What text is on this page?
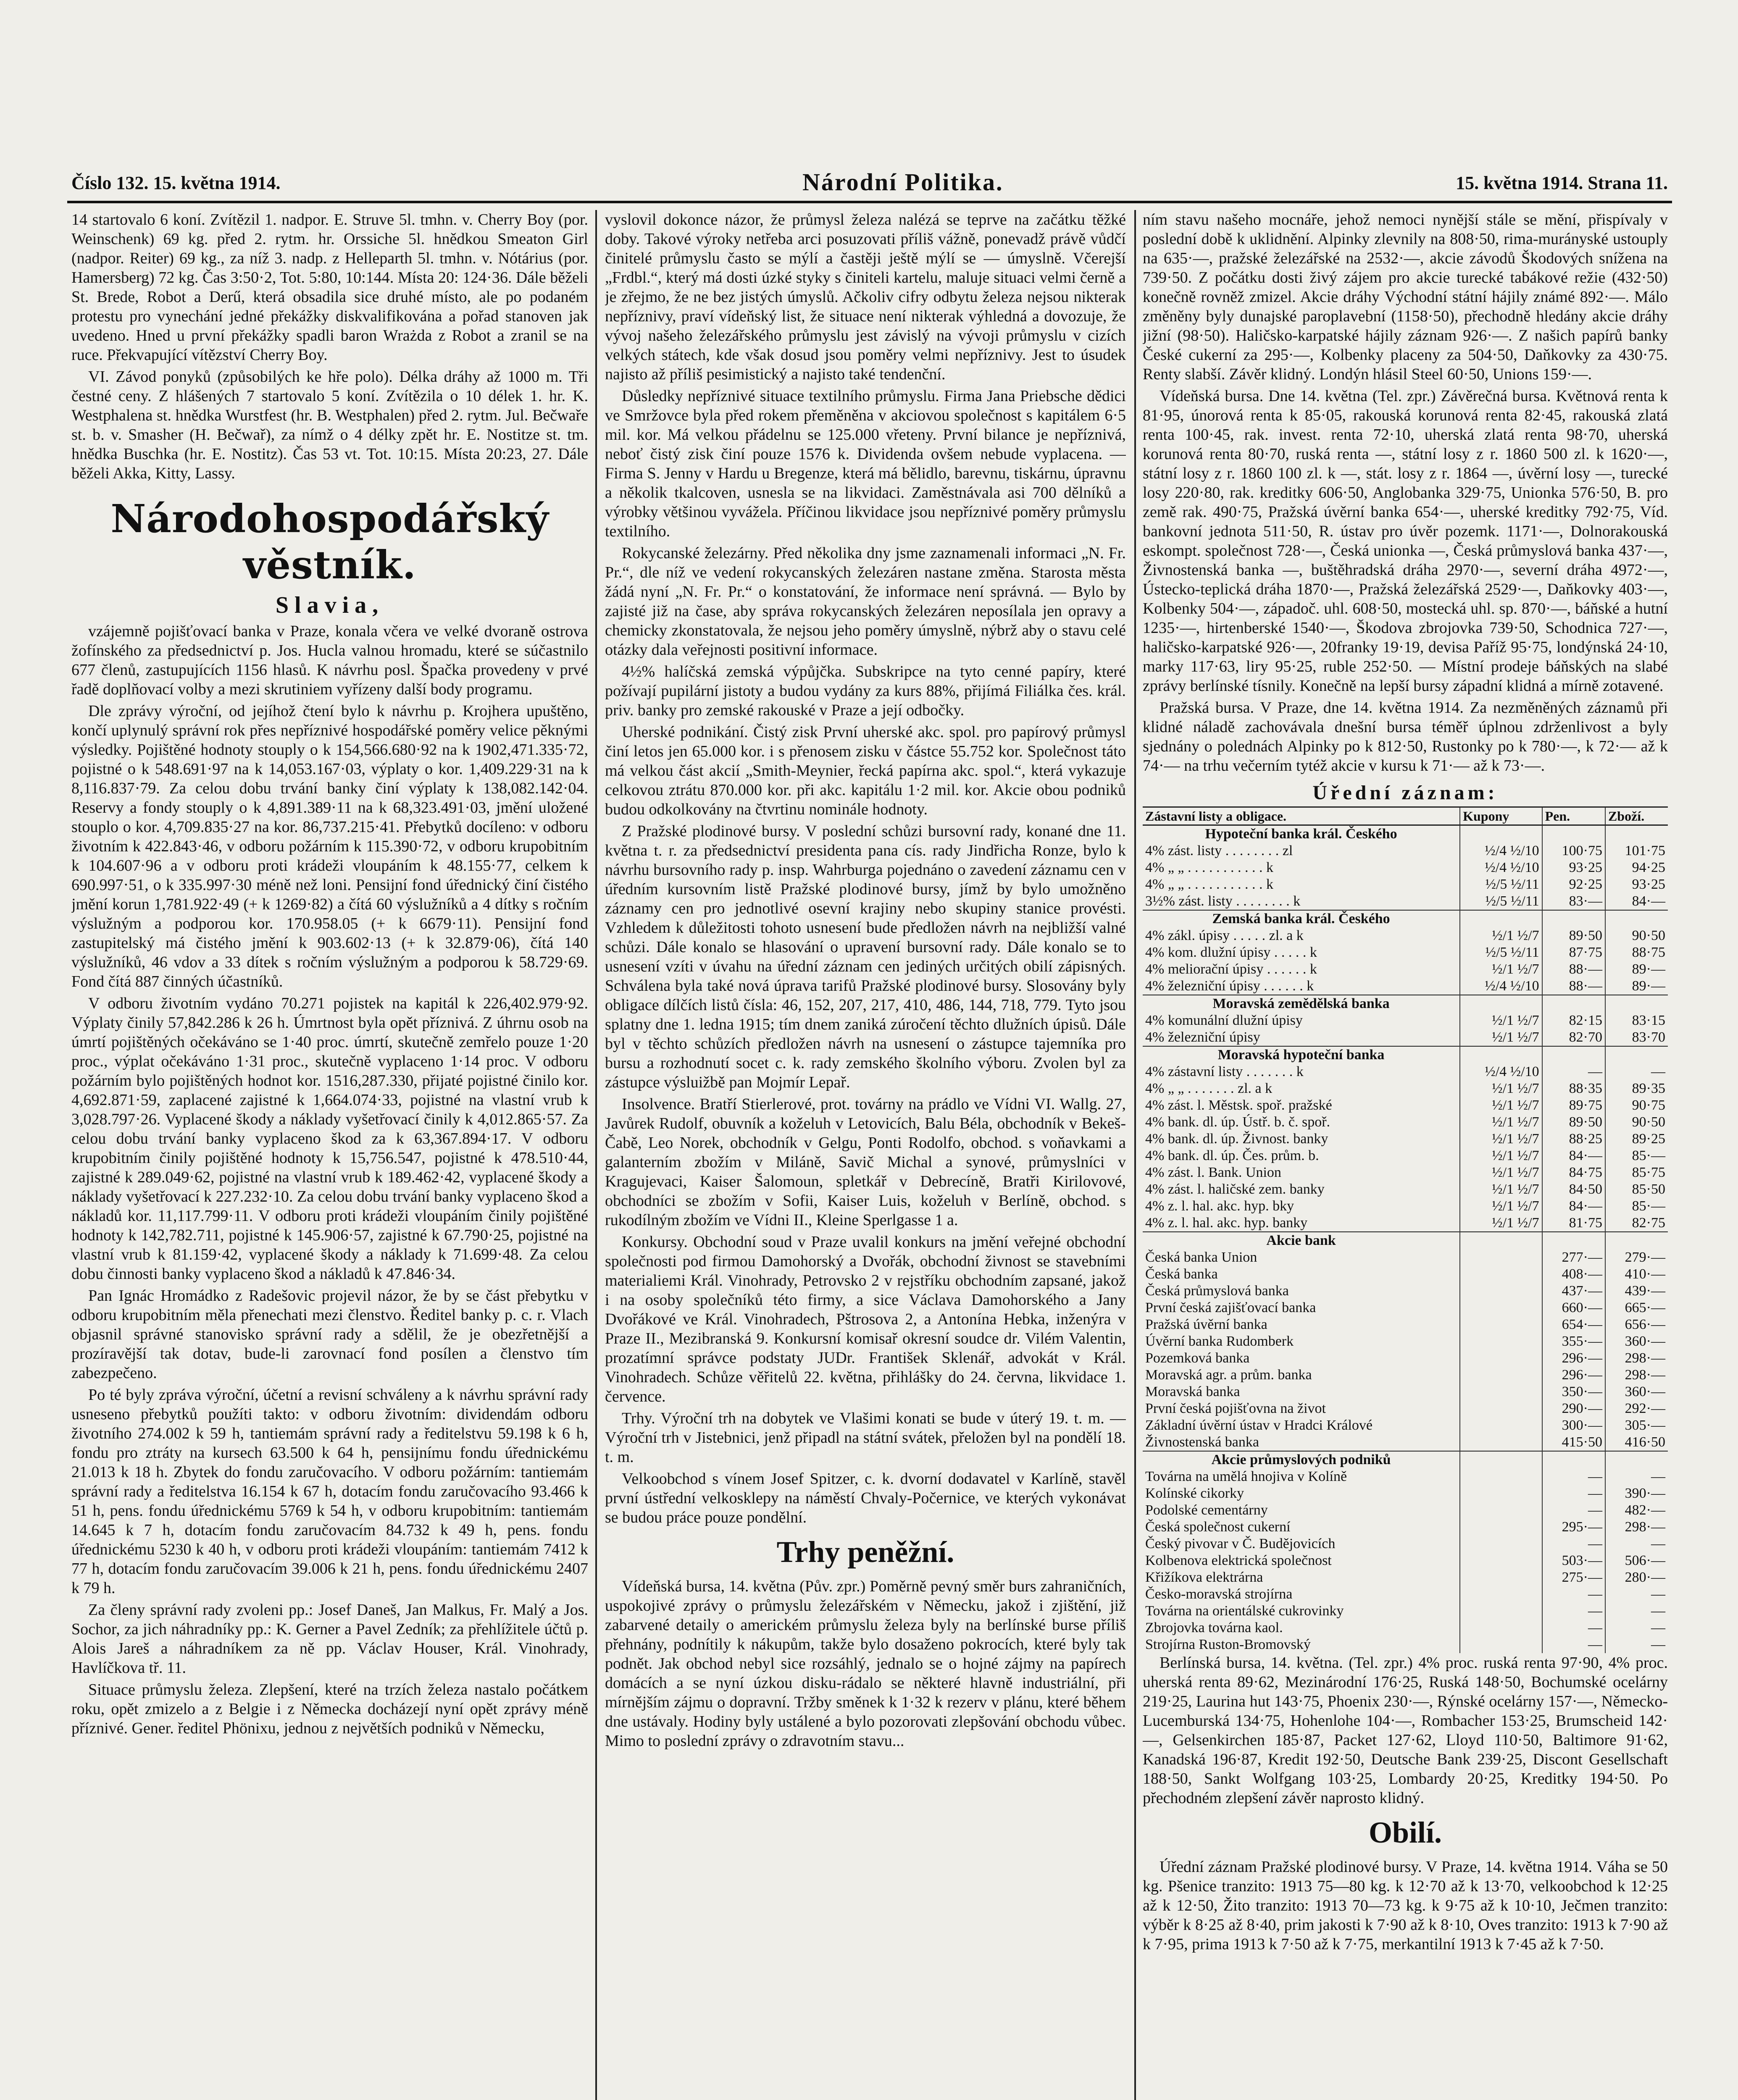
Číslo 132. 15. května 1914.	Národní Politika.	15. května 1914. Strana 11.

14 startovalo 6 koní. Zvítězil 1. nadpor. E. Struve 5l. tmhn. v. Cherry Boy (por. Weinschenk) 69 kg. před 2. rytm. hr. Orssiche 5l. hnědkou Smeaton Girl (nadpor. Reiter) 69 kg., za níž 3. nadp. z Helleparth 5l. tmhn. v. Nótárius (por. Hamersberg) 72 kg. Čas 3:50·2, Tot. 5:80, 10:144. Místa 20: 124·36. Dále běželi St. Brede, Robot a Derű, která obsadila sice druhé místo, ale po podaném protestu pro vynechání jedné překážky diskvalifikována a pořad stanoven jak uvedeno. Hned u první překážky spadli baron Wrażda z Robot a zranil se na ruce. Překvapující vítězství Cherry Boy.

VI. Závod ponyků (způsobilých ke hře polo). Délka dráhy až 1000 m. Tři čestné ceny. Z hlášených 7 startovalo 5 koní. Zvítězila o 10 délek 1. hr. K. Westphalena st. hnědka Wurstfest (hr. B. Westphalen) před 2. rytm. Jul. Bečwaře st. b. v. Smasher (H. Bečwař), za nímž o 4 délky zpět hr. E. Nostitze st. tm. hnědka Buschka (hr. E. Nostitz). Čas 53 vt. Tot. 10:15. Místa 20:23, 27. Dále běželi Akka, Kitty, Lassy.

Národohospodářský věstník.
Slavia,

vzájemně pojišťovací banka v Praze, konala včera ve velké dvoraně ostrova žofínského za předsednictví p. Jos. Hucla valnou hromadu, které se súčastnilo 677 členů, zastupujících 1156 hlasů. K návrhu posl. Špačka provedeny v prvé řadě doplňovací volby a mezi skrutiniem vyřízeny další body programu.

Dle zprávy výroční, od jejíhož čtení bylo k návrhu p. Krojhera upuštěno, končí uplynulý správní rok přes nepříznivé hospodářské poměry velice pěknými výsledky. Pojištěné hodnoty stouply o k 154,566.680·92 na k 1902,471.335·72, pojistné o k 548.691·97 na k 14,053.167·03, výplaty o kor. 1,409.229·31 na k 8,116.837·79. Za celou dobu trvání banky činí výplaty k 138,082.142·04. Reservy a fondy stouply o k 4,891.389·11 na k 68,323.491·03, jmění uložené stouplo o kor. 4,709.835·27 na kor. 86,737.215·41. Přebytků docíleno: v odboru životním k 422.843·46, v odboru požárním k 115.390·72, v odboru krupobitním k 104.607·96 a v odboru proti krádeži vloupáním k 48.155·77, celkem k 690.997·51, o k 335.997·30 méně než loni. Pensijní fond úřednický činí čistého jmění korun 1,781.922·49 (+ k 1269·82) a čítá 60 výslužníků a 4 dítky s ročním výslužným a podporou kor. 170.958.05 (+ k 6679·11). Pensijní fond zastupitelský má čistého jmění k 903.602·13 (+ k 32.879·06), čítá 140 výslužníků, 46 vdov a 33 dítek s ročním výslužným a podporou k 58.729·69. Fond čítá 887 činných účastníků.

V odboru životním vydáno 70.271 pojistek na kapitál k 226,402.979·92. Výplaty činily 57,842.286 k 26 h. Úmrtnost byla opět příznivá. Z úhrnu osob na úmrtí pojištěných očekáváno se 1·40 proc. úmrtí, skutečně zemřelo pouze 1·20 proc., výplat očekáváno 1·31 proc., skutečně vyplaceno 1·14 proc. V odboru požárním bylo pojištěných hodnot kor. 1516,287.330, přijaté pojistné činilo kor. 4,692.871·59, zaplacené zajistné k 1,664.074·33, pojistné na vlastní vrub k 3,028.797·26. Vyplacené škody a náklady vyšetřovací činily k 4,012.865·57. Za celou dobu trvání banky vyplaceno škod za k 63,367.894·17. V odboru krupobitním činily pojištěné hodnoty k 15,756.547, pojistné k 478.510·44, zajistné k 289.049·62, pojistné na vlastní vrub k 189.462·42, vyplacené škody a náklady vyšetřovací k 227.232·10. Za celou dobu trvání banky vyplaceno škod a nákladů kor. 11,117.799·11. V odboru proti krádeži vloupáním činily pojištěné hodnoty k 142,782.711, pojistné k 145.906·57, zajistné k 67.790·25, pojistné na vlastní vrub k 81.159·42, vyplacené škody a náklady k 71.699·48. Za celou dobu činnosti banky vyplaceno škod a nákladů k 47.846·34.

Pan Ignác Hromádko z Radešovic projevil názor, že by se část přebytku v odboru krupobitním měla přenechati mezi členstvo. Ředitel banky p. c. r. Vlach objasnil správné stanovisko správní rady a sdělil, že je obezřetnější a prozíravější tak dotav, bude-li zarovnací fond posílen a členstvo tím zabezpečeno.

Po té byly zpráva výroční, účetní a revisní schváleny a k návrhu správní rady usneseno přebytků použíti takto: v odboru životním: dividendám odboru životního 274.002 k 59 h, tantiemám správní rady a ředitelstvu 59.198 k 6 h, fondu pro ztráty na kursech 63.500 k 64 h, pensijnímu fondu úřednickému 21.013 k 18 h. Zbytek do fondu zaručovacího. V odboru požárním: tantiemám správní rady a ředitelstva 16.154 k 67 h, dotacím fondu zaručovacího 93.466 k 51 h, pens. fondu úřednickému 5769 k 54 h, v odboru krupobitním: tantiemám 14.645 k 7 h, dotacím fondu zaručovacím 84.732 k 49 h, pens. fondu úřednickému 5230 k 40 h, v odboru proti krádeži vloupáním: tantiemám 7412 k 77 h, dotacím fondu zaručovacím 39.006 k 21 h, pens. fondu úřednickému 2407 k 79 h.

Za členy správní rady zvoleni pp.: Josef Daneš, Jan Malkus, Fr. Malý a Jos. Sochor, za jich náhradníky pp.: K. Gerner a Pavel Zedník; za přehlížitele účtů p. Alois Jareš a náhradníkem za ně pp. Václav Houser, Král. Vinohrady, Havlíčkova tř. 11.

Situace průmyslu železa. Zlepšení, které na trzích železa nastalo počátkem roku, opět zmizelo a z Belgie i z Německa docházejí nyní opět zprávy méně příznivé. Gener. ředitel Phönixu, jednou z největších podniků v Německu,

vyslovil dokonce názor, že průmysl železa nalézá se teprve na začátku těžké doby. Takové výroky netřeba arci posuzovati příliš vážně, ponevadž právě vůdčí činitelé průmyslu často se mýlí a častěji ještě mýlí se — úmyslně. Včerejší „Frdbl.“, který má dosti úzké styky s činiteli kartelu, maluje situaci velmi černě a je zřejmo, že ne bez jistých úmyslů. Ačkoliv cifry odbytu železa nejsou nikterak nepříznivy, praví vídeňský list, že situace není nikterak výhledná a dovozuje, že vývoj našeho železářského průmyslu jest závislý na vývoji průmyslu v cizích velkých státech, kde však dosud jsou poměry velmi nepříznivy. Jest to úsudek najisto až příliš pesimistický a najisto také tendenční.

Důsledky nepříznivé situace textilního průmyslu. Firma Jana Priebsche dědici ve Smržovce byla před rokem přeměněna v akciovou společnost s kapitálem 6·5 mil. kor. Má velkou přádelnu se 125.000 vřeteny. První bilance je nepříznivá, neboť čistý zisk činí pouze 1576 k. Dividenda ovšem nebude vyplacena. — Firma S. Jenny v Hardu u Bregenze, která má bělidlo, barevnu, tiskárnu, úpravnu a několik tkalcoven, usnesla se na likvidaci. Zaměstnávala asi 700 dělníků a výrobky většinou vyvážela. Příčinou likvidace jsou nepříznivé poměry průmyslu textilního.

Rokycanské železárny. Před několika dny jsme zaznamenali informaci „N. Fr. Pr.“, dle níž ve vedení rokycanských železáren nastane změna. Starosta města žádá nyní „N. Fr. Pr.“ o konstatování, že informace není správná. — Bylo by zajisté již na čase, aby správa rokycanských železáren neposílala jen opravy a chemicky zkonstatovala, že nejsou jeho poměry úmyslně, nýbrž aby o stavu celé otázky dala veřejnosti positivní informace.

4½% halíčská zemská výpůjčka. Subskripce na tyto cenné papíry, které požívají pupilární jistoty a budou vydány za kurs 88%, přijímá Filiálka čes. král. priv. banky pro zemské rakouské v Praze a její odbočky.

Uherské podnikání. Čistý zisk První uherské akc. spol. pro papírový průmysl činí letos jen 65.000 kor. i s přenosem zisku v částce 55.752 kor. Společnost táto má velkou část akcií „Smith-Meynier, řecká papírna akc. spol.“, která vykazuje celkovou ztrátu 870.000 kor. při akc. kapitálu 1·2 mil. kor. Akcie obou podniků budou odkolkovány na čtvrtinu nominále hodnoty.

Z Pražské plodinové bursy. V poslední schůzi bursovní rady, konané dne 11. května t. r. za předsednictví presidenta pana cís. rady Jindřicha Ronze, bylo k návrhu bursovního rady p. insp. Wahrburga pojednáno o zavedení záznamu cen v úředním kursovním listě Pražské plodinové bursy, jímž by bylo umožněno záznamy cen pro jednotlivé osevní krajiny nebo skupiny stanice provésti. Vzhledem k důležitosti tohoto usnesení bude předložen návrh na nejbližší valné schůzi. Dále konalo se hlasování o upravení bursovní rady. Dále konalo se to usnesení vzíti v úvahu na úřední záznam cen jediných určitých obilí zápisných. Schválena byla také nová úprava tarifů Pražské plodinové bursy. Slosovány byly obligace dílčích listů čísla: 46, 152, 207, 217, 410, 486, 144, 718, 779. Tyto jsou splatny dne 1. ledna 1915; tím dnem zaniká zúročení těchto dlužních úpisů. Dále byl v těchto schůzích předložen návrh na usnesení o zástupce tajemníka pro bursu a rozhodnutí socet c. k. rady zemského školního výboru. Zvolen byl za zástupce výsluižbě pan Mojmír Lepař.

Insolvence. Bratří Stierlerové, prot. továrny na prádlo ve Vídni VI. Wallg. 27, Javůrek Rudolf, obuvník a koželuh v Letovicích, Balu Béla, obchodník v Bekeš-Čabě, Leo Norek, obchodník v Gelgu, Ponti Rodolfo, obchod. s voňavkami a galanterním zbožím v Miláně, Savič Michal a synové, průmyslníci v Kragujevaci, Kaiser Šalomoun, spletkář v Debrecíně, Bratři Kirilovové, obchodníci se zbožím v Sofii, Kaiser Luis, koželuh v Berlíně, obchod. s rukodílným zbožím ve Vídni II., Kleine Sperlgasse 1 a.

Konkursy. Obchodní soud v Praze uvalil konkurs na jmění veřejné obchodní společnosti pod firmou Damohorský a Dvořák, obchodní živnost se stavebními materialiemi Král. Vinohrady, Petrovsko 2 v rejstříku obchodním zapsané, jakož i na osoby společníků této firmy, a sice Václava Damohorského a Jany Dvořákové ve Král. Vinohradech, Pštrosova 2, a Antonína Hebka, inženýra v Praze II., Mezibranská 9. Konkursní komisař okresní soudce dr. Vilém Valentin, prozatímní správce podstaty JUDr. František Sklenář, advokát v Král. Vinohradech. Schůze věřitelů 22. května, přihlášky do 24. června, likvidace 1. července.

Trhy. Výroční trh na dobytek ve Vlašimi konati se bude v úterý 19. t. m. — Výroční trh v Jistebnici, jenž připadl na státní svátek, přeložen byl na pondělí 18. t. m.

Velkoobchod s vínem Josef Spitzer, c. k. dvorní dodavatel v Karlíně, stavěl první ústřední velkosklepy na náměstí Chvaly-Počernice, ve kterých vykonávat se budou práce pouze pondělní.

Trhy peněžní.

Vídeňská bursa, 14. května (Pův. zpr.) Poměrně pevný směr burs zahraničních, uspokojivé zprávy o průmyslu železářském v Německu, jakož i zjištění, již zabarvené detaily o americkém průmyslu železa byly na berlínské burse příliš přehnány, podnítily k nákupům, takže bylo dosaženo pokrocích, které byly tak podnět. Jak obchod nebyl sice rozsáhlý, jednalo se o hojné zájmy na papírech domácích a se nyní úzkou disku-rádalo se některé hlavně industriální, při mírnějším zájmu o dopravní. Tržby směnek k 1·32 k rezerv v plánu, které během dne ustávaly. Hodiny byly ustálené a bylo pozorovati zlepšování obchodu vůbec. Mimo to poslední zprávy o zdravotním stavu...

ním stavu našeho mocnáře, jehož nemoci nynější stále se mění, přispívaly v poslední době k uklidnění. Alpinky zlevnily na 808·50, rima-murányské ustouply na 635·—, pražské železářské na 2532·—, akcie závodů Škodových snížena na 739·50. Z počátku dosti živý zájem pro akcie turecké tabákové režie (432·50) konečně rovněž zmizel. Akcie dráhy Východní státní hájily známé 892·—. Málo změněny byly dunajské paroplavební (1158·50), přechodně hledány akcie dráhy jižní (98·50). Haličsko-karpatské hájily záznam 926·—. Z našich papírů banky České cukerní za 295·—, Kolbenky placeny za 504·50, Daňkovky za 430·75. Renty slabší. Závěr klidný. Londýn hlásil Steel 60·50, Unions 159·—.

Vídeňská bursa. Dne 14. května (Tel. zpr.) Závěrečná bursa. Květnová renta k 81·95, únorová renta k 85·05, rakouská korunová renta 82·45, rakouská zlatá renta 100·45, rak. invest. renta 72·10, uherská zlatá renta 98·70, uherská korunová renta 80·70, ruská renta —, státní losy z r. 1860 500 zl. k 1620·—, státní losy z r. 1860 100 zl. k —, stát. losy z r. 1864 —, úvěrní losy —, turecké losy 220·80, rak. kreditky 606·50, Anglobanka 329·75, Unionka 576·50, B. pro země rak. 490·75, Pražská úvěrní banka 654·—, uherské kreditky 792·75, Víd. bankovní jednota 511·50, R. ústav pro úvěr pozemk. 1171·—, Dolnorakouská eskompt. společnost 728·—, Česká unionka —, Česká průmyslová banka 437·—, Živnostenská banka —, buštěhradská dráha 2970·—, severní dráha 4972·—, Ústecko-teplická dráha 1870·—, Pražská železářská 2529·—, Daňkovky 403·—, Kolbenky 504·—, západoč. uhl. 608·50, mostecká uhl. sp. 870·—, báňské a hutní 1235·—, hirtenberské 1540·—, Škodova zbrojovka 739·50, Schodnica 727·—, haličsko-karpatské 926·—, 20franky 19·19, devisa Paříž 95·75, londýnská 24·10, marky 117·63, liry 95·25, ruble 252·50. — Místní prodeje báňských na slabé zprávy berlínské tísnily. Konečně na lepší bursy západní klidná a mírně zotavené.

Pražská bursa. V Praze, dne 14. května 1914. Za nezměněných záznamů při klidné náladě zachovávala dnešní bursa téměř úplnou zdrženlivost a byly sjednány o polednách Alpinky po k 812·50, Rustonky po k 780·—, k 72·— až k 74·— na trhu večerním tytéž akcie v kursu k 71·— až k 73·—.

Úřední záznam:
Zástavní listy a obligace.	Kupony	Pen.	Zboží.
Hypoteční banka král. Českého			
4% zást. listy . . . . . . . . zl	½/4 ½/10	100·75	101·75
4% „ „ . . . . . . . . . . . k	½/4 ½/10	93·25	94·25
4% „ „ . . . . . . . . . . . k	½/5 ½/11	92·25	93·25
3½% zást. listy . . . . . . . . k	½/5 ½/11	83·—	84·—
Zemská banka král. Českého			
4% zákl. úpisy . . . . . zl. a k	½/1 ½/7	89·50	90·50
4% kom. dlužní úpisy . . . . . k	½/5 ½/11	87·75	88·75
4% meliorační úpisy . . . . . . k	½/1 ½/7	88·—	89·—
4% železniční úpisy . . . . . . k	½/4 ½/10	88·—	89·—
Moravská zemědělská banka			
4% komunální dlužní úpisy	½/1 ½/7	82·15	83·15
4% železniční úpisy	½/1 ½/7	82·70	83·70
Moravská hypoteční banka			
4% zástavní listy . . . . . . . k	½/4 ½/10	—	—
4% „ „ . . . . . . . zl. a k	½/1 ½/7	88·35	89·35
4% zást. l. Městsk. spoř. pražské	½/1 ½/7	89·75	90·75
4% bank. dl. úp. Ústř. b. č. spoř.	½/1 ½/7	89·50	90·50
4% bank. dl. úp. Živnost. banky	½/1 ½/7	88·25	89·25
4% bank. dl. úp. Čes. prům. b.	½/1 ½/7	84·—	85·—
4% zást. l. Bank. Union	½/1 ½/7	84·75	85·75
4% zást. l. haličské zem. banky	½/1 ½/7	84·50	85·50
4% z. l. hal. akc. hyp. bky	½/1 ½/7	84·—	85·—
4% z. l. hal. akc. hyp. banky	½/1 ½/7	81·75	82·75
Akcie bank			
Česká banka Union		277·—	279·—
Česká banka		408·—	410·—
Česká průmyslová banka		437·—	439·—
První česká zajišťovací banka		660·—	665·—
Pražská úvěrní banka		654·—	656·—
Úvěrní banka Rudomberk		355·—	360·—
Pozemková banka		296·—	298·—
Moravská agr. a prům. banka		296·—	298·—
Moravská banka		350·—	360·—
První česká pojišťovna na život		290·—	292·—
Základní úvěrní ústav v Hradci Králové		300·—	305·—
Živnostenská banka		415·50	416·50
Akcie průmyslových podniků			
Továrna na umělá hnojiva v Kolíně		—	—
Kolínské cikorky		—	390·—
Podolské cementárny		—	482·—
Česká společnost cukerní		295·—	298·—
Český pivovar v Č. Budějovicích		—	—
Kolbenova elektrická společnost		503·—	506·—
Křižíkova elektrárna		275·—	280·—
Česko-moravská strojírna		—	—
Továrna na orientálské cukrovinky		—	—
Zbrojovka továrna kaol.		—	—
Strojírna Ruston-Bromovský		—	—

Berlínská bursa, 14. května. (Tel. zpr.) 4% proc. ruská renta 97·90, 4% proc. uherská renta 89·62, Mezinárodní 176·25, Ruská 148·50, Bochumské ocelárny 219·25, Laurina hut 143·75, Phoenix 230·—, Rýnské ocelárny 157·—, Německo-Lucemburská 134·75, Hohenlohe 104·—, Rombacher 153·25, Brumscheid 142·—, Gelsenkirchen 185·87, Packet 127·62, Lloyd 110·50, Baltimore 91·62, Kanadská 196·87, Kredit 192·50, Deutsche Bank 239·25, Discont Gesellschaft 188·50, Sankt Wolfgang 103·25, Lombardy 20·25, Kreditky 194·50. Po přechodném zlepšení závěr naprosto klidný.

Obilí.

Úřední záznam Pražské plodinové bursy. V Praze, 14. května 1914. Váha se 50 kg. Pšenice tranzito: 1913 75—80 kg. k 12·70 až k 13·70, velkoobchod k 12·25 až k 12·50, Žito tranzito: 1913 70—73 kg. k 9·75 až k 10·10, Ječmen tranzito: výběr k 8·25 až 8·40, prim jakosti k 7·90 až k 8·10, Oves tranzito: 1913 k 7·90 až k 7·95, prima 1913 k 7·50 až k 7·75, merkantilní 1913 k 7·45 až k 7·50.
